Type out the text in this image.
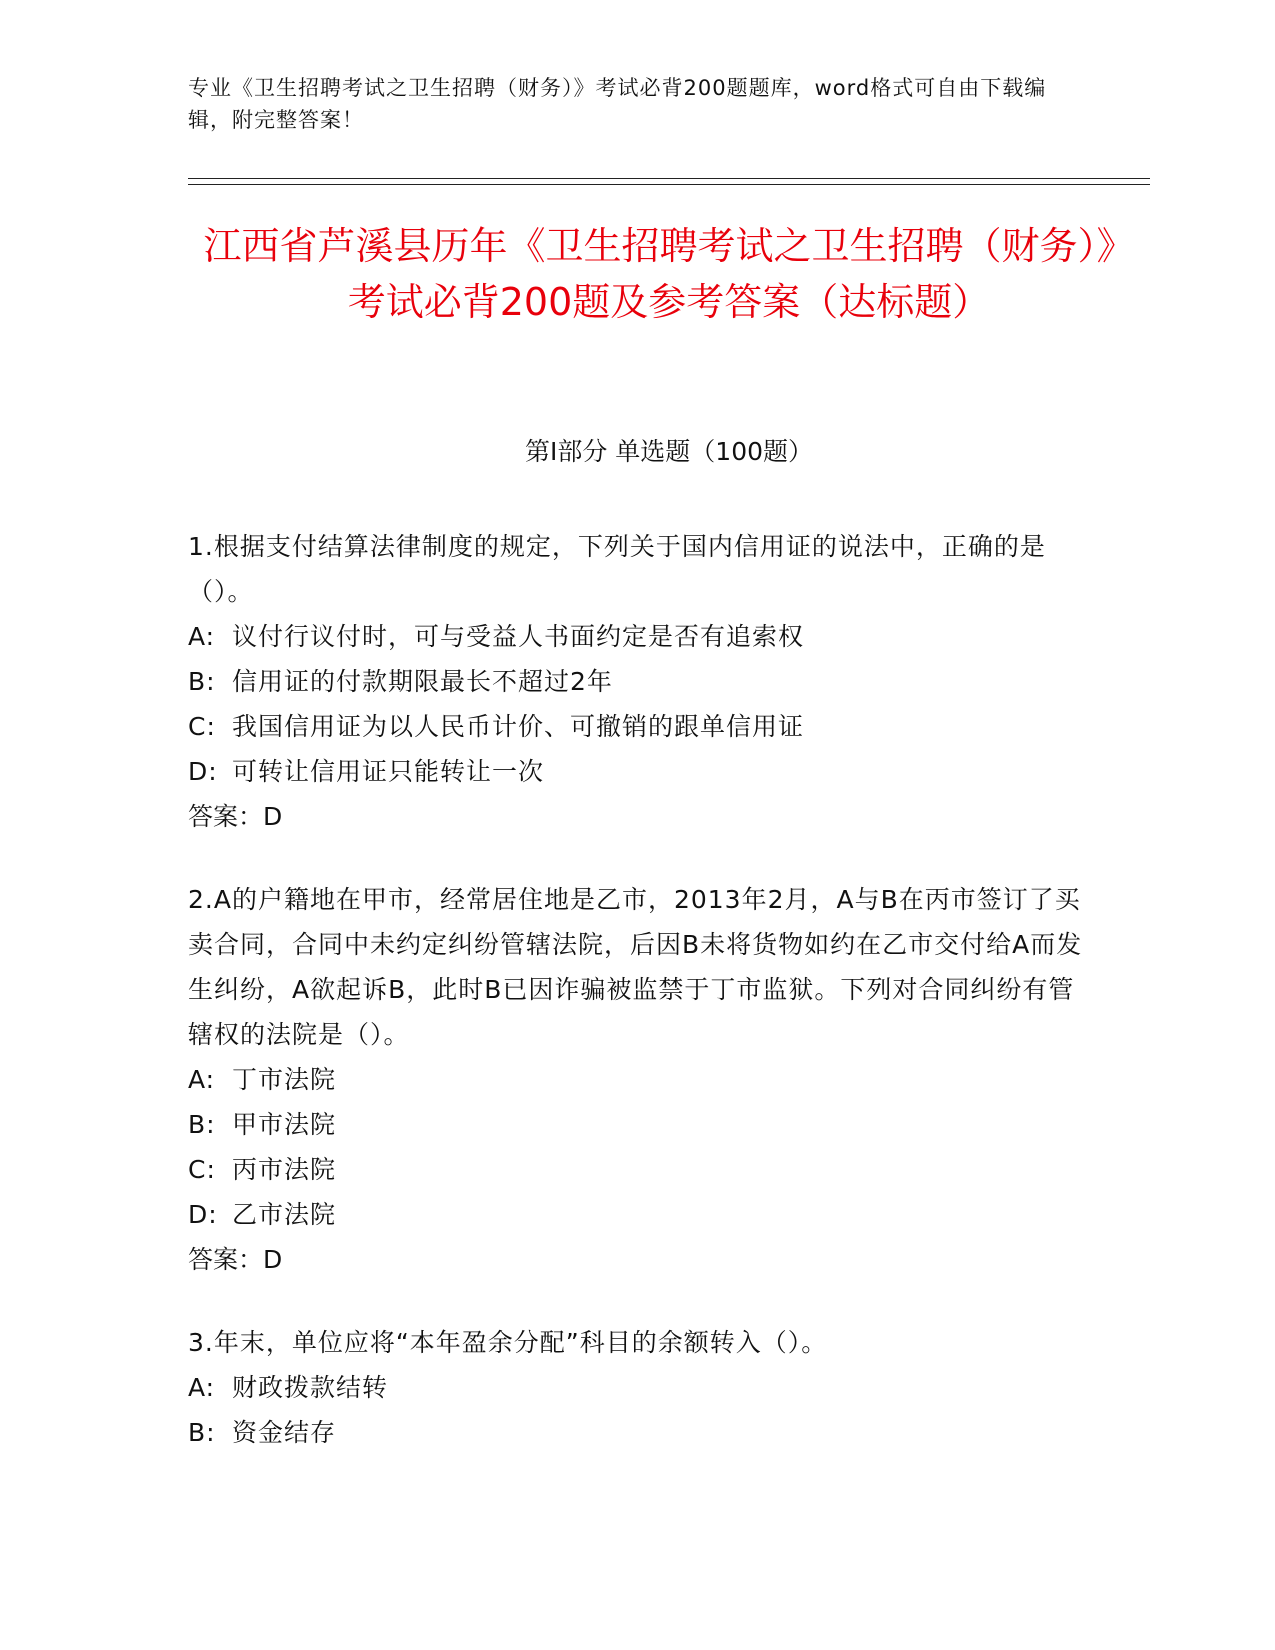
专业《卫生招聘考试之卫生招聘（财务）》考试必背200题题库，word格式可自由下载编辑，附完整答案！
江西省芦溪县历年《卫生招聘考试之卫生招聘（财务）》考试必背200题及参考答案（达标题）
第Ⅰ部分 单选题（100题）
1.根据支付结算法律制度的规定，下列关于国内信用证的说法中，正确的是（）。
A: 议付行议付时，可与受益人书面约定是否有追索权
B: 信用证的付款期限最长不超过2年
C: 我国信用证为以人民币计价、可撤销的跟单信用证
D: 可转让信用证只能转让一次
答案：D
2.A的户籍地在甲市，经常居住地是乙市，2013年2月，A与B在丙市签订了买卖合同，合同中未约定纠纷管辖法院，后因B未将货物如约在乙市交付给A而发生纠纷，A欲起诉B，此时B已因诈骗被监禁于丁市监狱。下列对合同纠纷有管辖权的法院是（）。
A: 丁市法院
B: 甲市法院
C: 丙市法院
D: 乙市法院
答案：D
3.年末，单位应将“本年盈余分配”科目的余额转入（）。
A: 财政拨款结转
B: 资金结存
